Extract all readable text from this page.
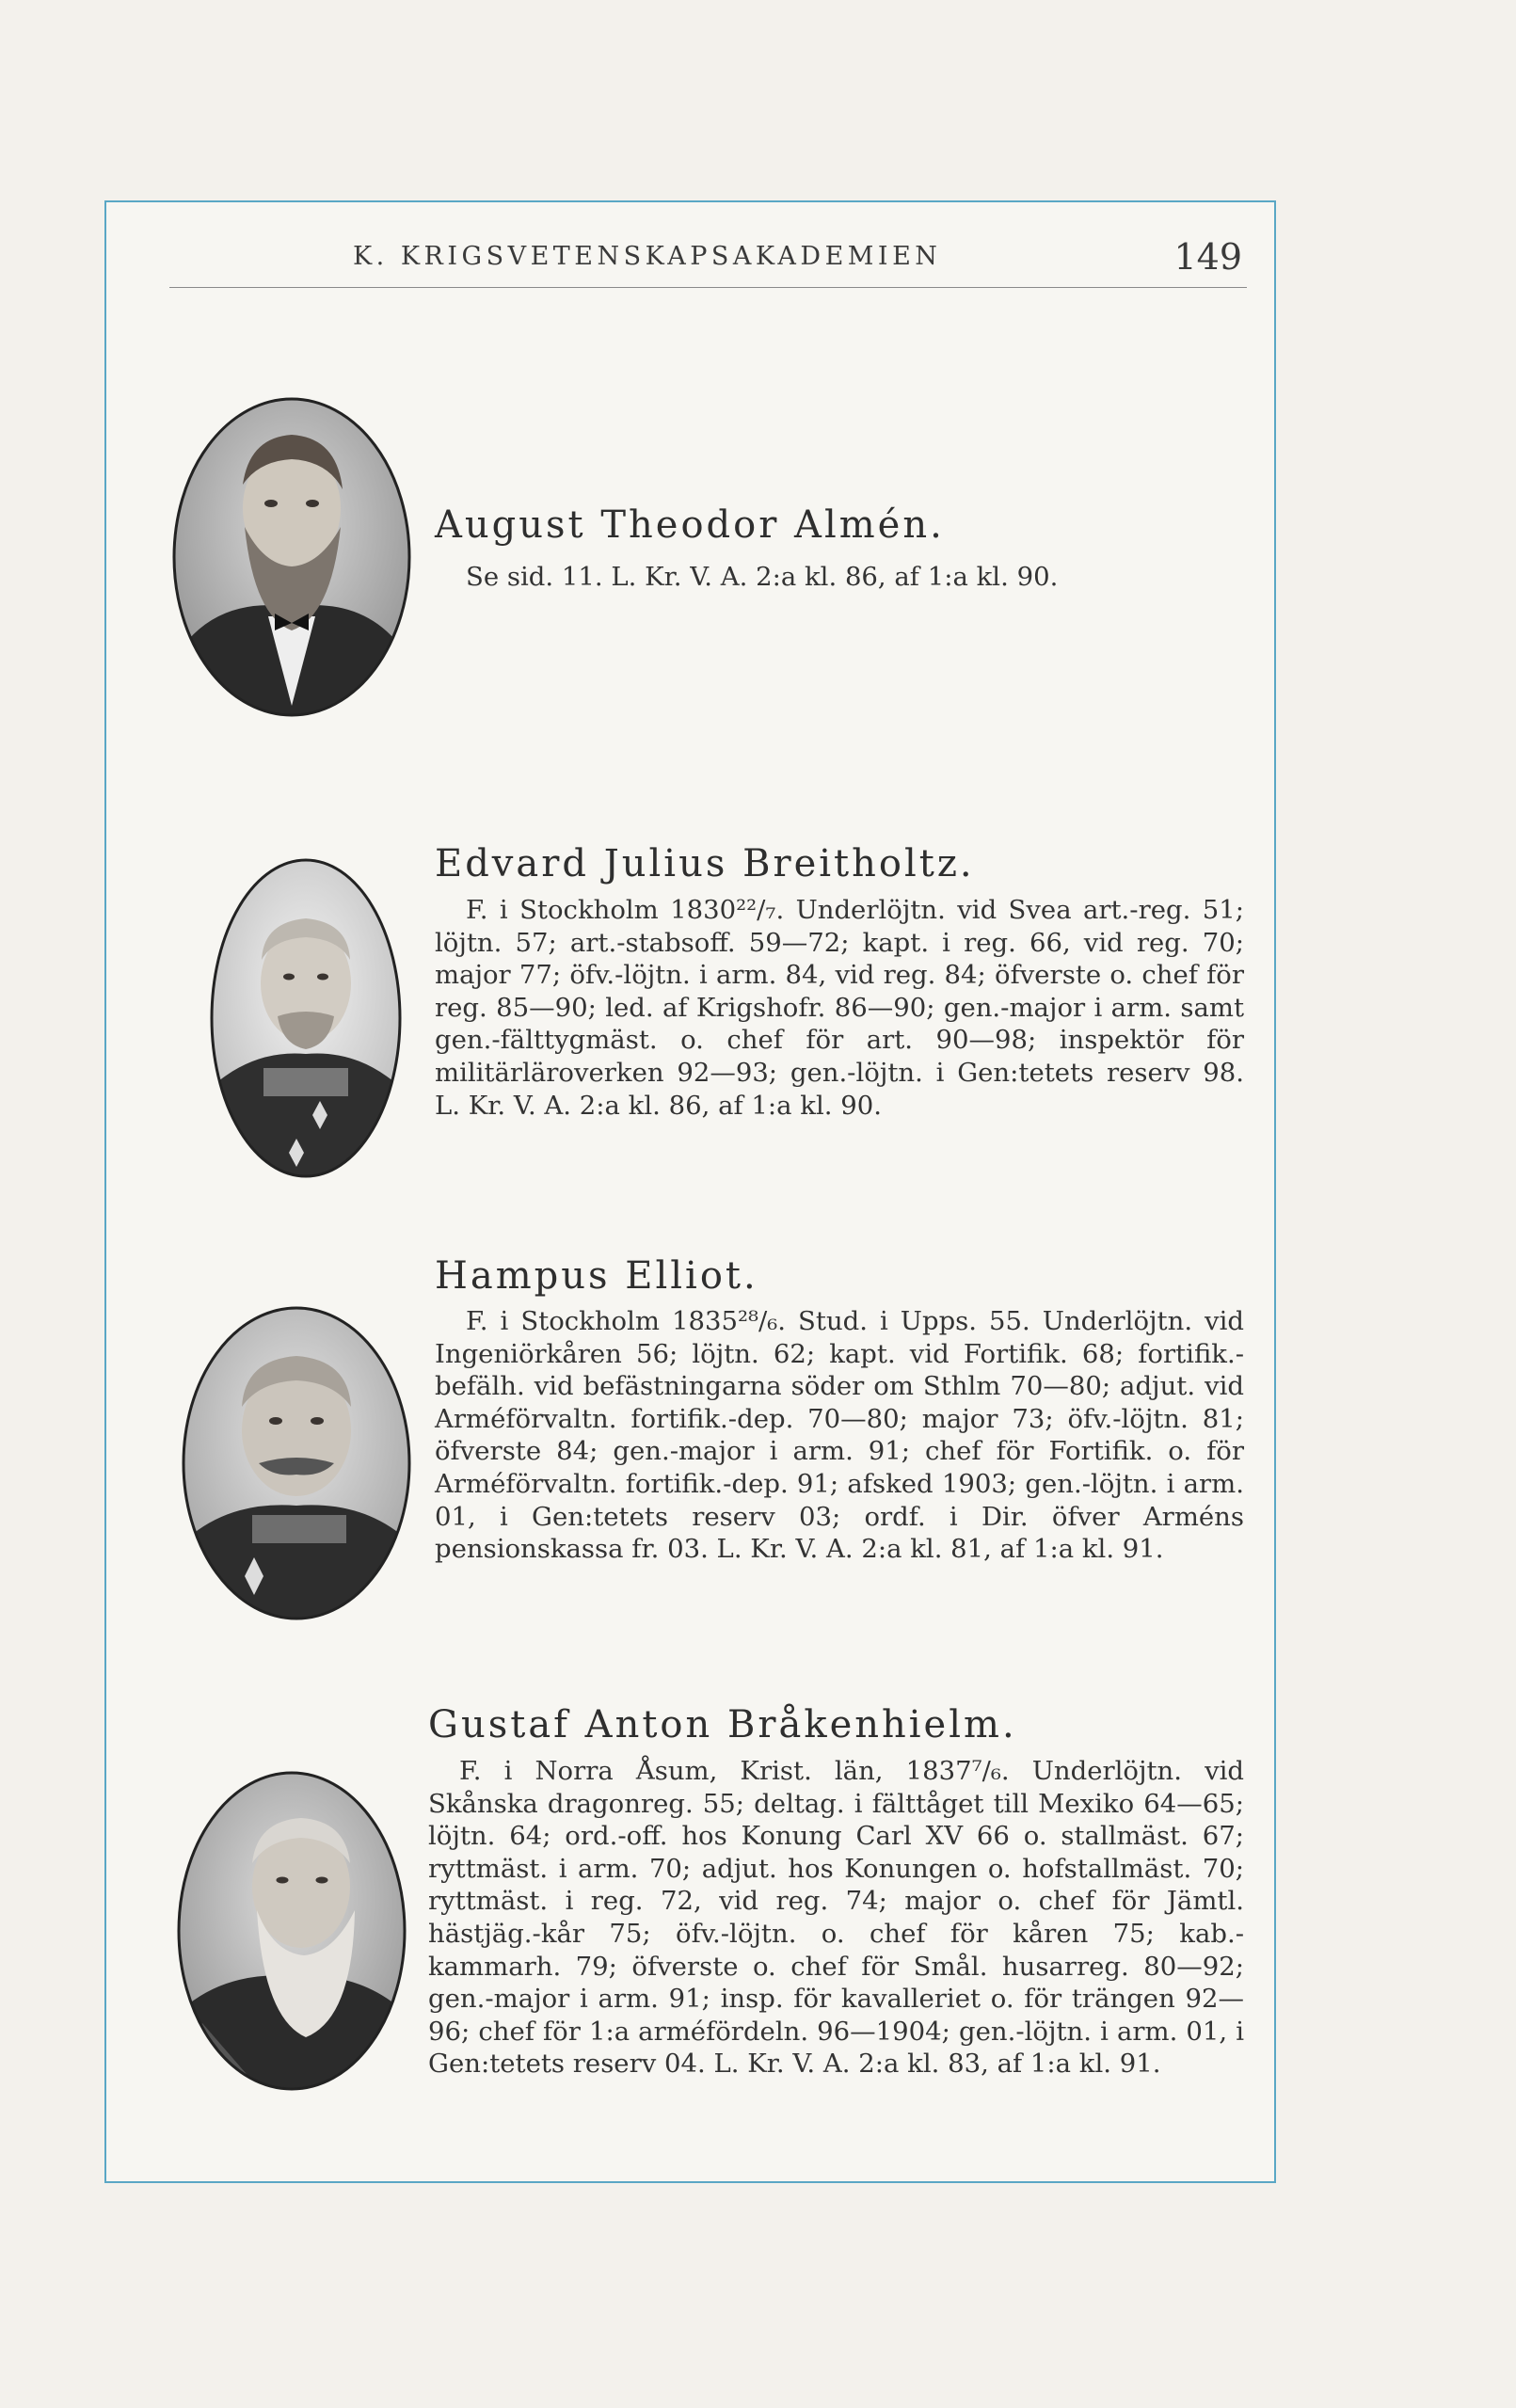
K. KRIGSVETENSKAPSAKADEMIEN	149
August Theodor Almén.
Se sid. 11. L. Kr. V. A. 2:a kl. 86, af 1:a kl. 90.
Edvard Julius Breitholtz.
F. i Stockholm 1830²²/₇. Underlöjtn. vid Svea art.-reg. 51; löjtn. 57; art.-stabsoff. 59—72; kapt. i reg. 66, vid reg. 70; major 77; öfv.-löjtn. i arm. 84, vid reg. 84; öfverste o. chef för reg. 85—90; led. af Krigshofr. 86—90; gen.-major i arm. samt gen.-fälttygmäst. o. chef för art. 90—98; inspektör för militärläroverken 92—93; gen.-löjtn. i Gen:tetets reserv 98. L. Kr. V. A. 2:a kl. 86, af 1:a kl. 90.
Hampus Elliot.
F. i Stockholm 1835²⁸/₆. Stud. i Upps. 55. Underlöjtn. vid Ingeniörkåren 56; löjtn. 62; kapt. vid Fortifik. 68; fortifik.-befälh. vid befästningarna söder om Sthlm 70—80; adjut. vid Arméförvaltn. fortifik.-dep. 70—80; major 73; öfv.-löjtn. 81; öfverste 84; gen.-major i arm. 91; chef för Fortifik. o. för Arméförvaltn. fortifik.-dep. 91; afsked 1903; gen.-löjtn. i arm. 01, i Gen:tetets reserv 03; ordf. i Dir. öfver Arméns pensionskassa fr. 03. L. Kr. V. A. 2:a kl. 81, af 1:a kl. 91.
Gustaf Anton Bråkenhielm.
F. i Norra Åsum, Krist. län, 1837⁷/₆. Underlöjtn. vid Skånska dragonreg. 55; deltag. i fälttåget till Mexiko 64—65; löjtn. 64; ord.-off. hos Konung Carl XV 66 o. stallmäst. 67; ryttmäst. i arm. 70; adjut. hos Konungen o. hofstallmäst. 70; ryttmäst. i reg. 72, vid reg. 74; major o. chef för Jämtl. hästjäg.-kår 75; öfv.-löjtn. o. chef för kåren 75; kab.-kammarh. 79; öfverste o. chef för Smål. husarreg. 80—92; gen.-major i arm. 91; insp. för kavalleriet o. för trängen 92—96; chef för 1:a arméfördeln. 96—1904; gen.-löjtn. i arm. 01, i Gen:tetets reserv 04. L. Kr. V. A. 2:a kl. 83, af 1:a kl. 91.
